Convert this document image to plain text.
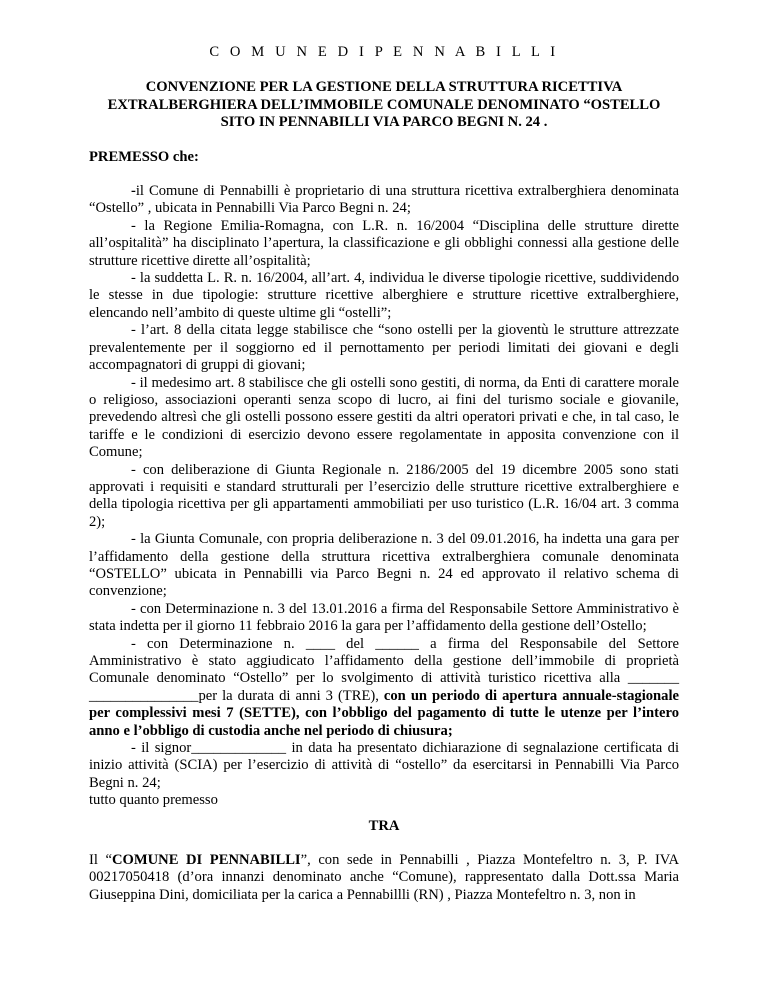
C O M U N E D I P E N N A B I L L I
CONVENZIONE PER LA GESTIONE DELLA STRUTTURA RICETTIVA EXTRALBERGHIERA DELL’IMMOBILE COMUNALE DENOMINATO “OSTELLO SITO IN PENNABILLI VIA PARCO BEGNI N. 24 .
PREMESSO che:

-il Comune di Pennabilli è proprietario di una struttura ricettiva extralberghiera denominata “Ostello” , ubicata in Pennabilli Via Parco Begni n. 24;

- la Regione Emilia-Romagna, con L.R. n. 16/2004 “Disciplina delle strutture dirette all’ospitalità” ha disciplinato l’apertura, la classificazione e gli obblighi connessi alla gestione delle strutture ricettive dirette all’ospitalità;

- la suddetta L. R. n. 16/2004, all’art. 4, individua le diverse tipologie ricettive, suddividendo le stesse in due tipologie: strutture ricettive alberghiere e strutture ricettive extralberghiere, elencando nell’ambito di queste ultime gli “ostelli”;

- l’art. 8 della citata legge stabilisce che “sono ostelli per la gioventù le strutture attrezzate prevalentemente per il soggiorno ed il pernottamento per periodi limitati dei giovani e degli accompagnatori di gruppi di giovani;

- il medesimo art. 8 stabilisce che gli ostelli sono gestiti, di norma, da Enti di carattere morale o religioso, associazioni operanti senza scopo di lucro, ai fini del turismo sociale e giovanile, prevedendo altresì che gli ostelli possono essere gestiti da altri operatori privati e che, in tal caso, le tariffe e le condizioni di esercizio devono essere regolamentate in apposita convenzione con il Comune;

- con deliberazione di Giunta Regionale n. 2186/2005 del 19 dicembre 2005 sono stati approvati i requisiti e standard strutturali per l’esercizio delle strutture ricettive extralberghiere e della tipologia ricettiva per gli appartamenti ammobiliati per uso turistico (L.R. 16/04 art. 3 comma 2);

- la Giunta Comunale, con propria deliberazione n. 3 del 09.01.2016, ha indetta una gara per l’affidamento della gestione della struttura ricettiva extralberghiera comunale denominata “OSTELLO” ubicata in Pennabilli via Parco Begni n. 24 ed approvato il relativo schema di convenzione;

- con Determinazione n. 3 del 13.01.2016 a firma del Responsabile Settore Amministrativo è stata indetta per il giorno 11 febbraio 2016 la gara per l’affidamento della gestione dell’Ostello;

- con Determinazione n. ____ del ______ a firma del Responsabile del Settore Amministrativo è stato aggiudicato l’affidamento della gestione dell’immobile di proprietà Comunale denominato “Ostello” per lo svolgimento di attività turistico ricettiva alla _______ _______________per la durata di anni 3 (TRE), con un periodo di apertura annuale-stagionale per complessivi mesi 7 (SETTE), con l’obbligo del pagamento di tutte le utenze per l’intero anno e l’obbligo di custodia anche nel periodo di chiusura;

- il signor_____________ in data ha presentato dichiarazione di segnalazione certificata di inizio attività (SCIA) per l’esercizio di attività di “ostello” da esercitarsi in Pennabilli Via Parco Begni n. 24;

tutto quanto premesso

TRA

Il “COMUNE DI PENNABILLI”, con sede in Pennabilli , Piazza Montefeltro n. 3, P. IVA 00217050418 (d’ora innanzi denominato anche “Comune), rappresentato dalla Dott.ssa Maria Giuseppina Dini, domiciliata per la carica a Pennabillli (RN) , Piazza Montefeltro n. 3, non in
